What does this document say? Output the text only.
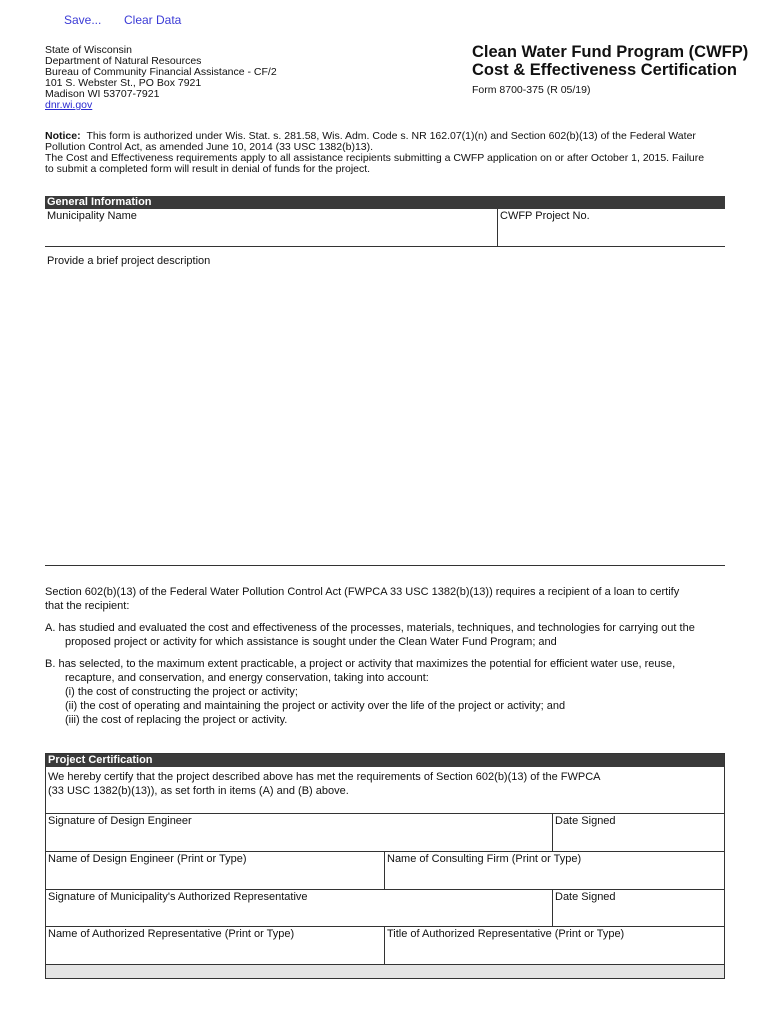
Save... Clear Data
State of Wisconsin
Department of Natural Resources
Bureau of Community Financial Assistance - CF/2
101 S. Webster St., PO Box 7921
Madison WI 53707-7921
dnr.wi.gov
Clean Water Fund Program (CWFP)
Cost & Effectiveness Certification
Form 8700-375 (R 05/19)
Notice: This form is authorized under Wis. Stat. s. 281.58, Wis. Adm. Code s. NR 162.07(1)(n) and Section 602(b)(13) of the Federal Water
Pollution Control Act, as amended June 10, 2014 (33 USC 1382(b)13).
The Cost and Effectiveness requirements apply to all assistance recipients submitting a CWFP application on or after October 1, 2015. Failure
to submit a completed form will result in denial of funds for the project.
General Information
Municipality Name	CWFP Project No.
Provide a brief project description
Section 602(b)(13) of the Federal Water Pollution Control Act (FWPCA 33 USC 1382(b)(13)) requires a recipient of a loan to certify
that the recipient:
A. has studied and evaluated the cost and effectiveness of the processes, materials, techniques, and technologies for carrying out the
proposed project or activity for which assistance is sought under the Clean Water Fund Program; and
B. has selected, to the maximum extent practicable, a project or activity that maximizes the potential for efficient water use, reuse,
recapture, and conservation, and energy conservation, taking into account:
(i) the cost of constructing the project or activity;
(ii) the cost of operating and maintaining the project or activity over the life of the project or activity; and
(iii) the cost of replacing the project or activity.
Project Certification
We hereby certify that the project described above has met the requirements of Section 602(b)(13) of the FWPCA
(33 USC 1382(b)(13)), as set forth in items (A) and (B) above.
Signature of Design Engineer	Date Signed
Name of Design Engineer (Print or Type)	Name of Consulting Firm (Print or Type)
Signature of Municipality's Authorized Representative	Date Signed
Name of Authorized Representative (Print or Type)	Title of Authorized Representative (Print or Type)
